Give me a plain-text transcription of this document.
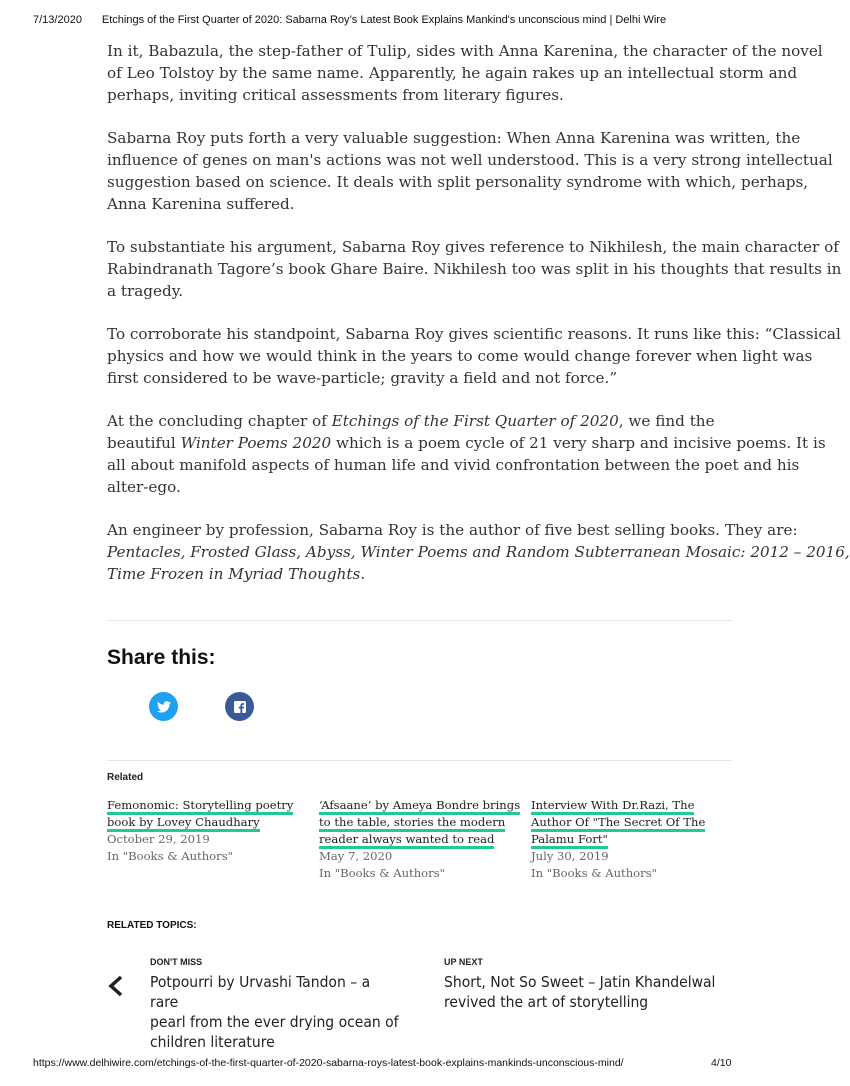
7/13/2020	Etchings of the First Quarter of 2020: Sabarna Roy’s Latest Book Explains Mankind's unconscious mind | Delhi Wire

In it, Babazula, the step-father of Tulip, sides with Anna Karenina, the character of the novel
of Leo Tolstoy by the same name. Apparently, he again rakes up an intellectual storm and
perhaps, inviting critical assessments from literary figures.

Sabarna Roy puts forth a very valuable suggestion: When Anna Karenina was written, the
influence of genes on man's actions was not well understood. This is a very strong intellectual
suggestion based on science. It deals with split personality syndrome with which, perhaps,
Anna Karenina suffered.

To substantiate his argument, Sabarna Roy gives reference to Nikhilesh, the main character of
Rabindranath Tagore’s book Ghare Baire. Nikhilesh too was split in his thoughts that results in
a tragedy.

To corroborate his standpoint, Sabarna Roy gives scientific reasons. It runs like this: “Classical
physics and how we would think in the years to come would change forever when light was
first considered to be wave-particle; gravity a field and not force.”

At the concluding chapter of Etchings of the First Quarter of 2020, we find the
beautiful Winter Poems 2020 which is a poem cycle of 21 very sharp and incisive poems. It is
all about manifold aspects of human life and vivid confrontation between the poet and his
alter-ego.

An engineer by profession, Sabarna Roy is the author of five best selling books. They are:
Pentacles, Frosted Glass, Abyss, Winter Poems and Random Subterranean Mosaic: 2012 – 2016,
Time Frozen in Myriad Thoughts.

Share this:
Related
Femonomic: Storytelling poetry
book by Lovey Chaudhary
October 29, 2019
In "Books & Authors"
‘Afsaane’ by Ameya Bondre brings
to the table, stories the modern
reader always wanted to read
May 7, 2020
In "Books & Authors"
Interview With Dr.Razi, The
Author Of "The Secret Of The
Palamu Fort"
July 30, 2019
In "Books & Authors"
RELATED TOPICS:
DON'T MISS
Potpourri by Urvashi Tandon – a rare
pearl from the ever drying ocean of
children literature
UP NEXT
Short, Not So Sweet – Jatin Khandelwal
revived the art of storytelling
https://www.delhiwire.com/etchings-of-the-first-quarter-of-2020-sabarna-roys-latest-book-explains-mankinds-unconscious-mind/	4/10
